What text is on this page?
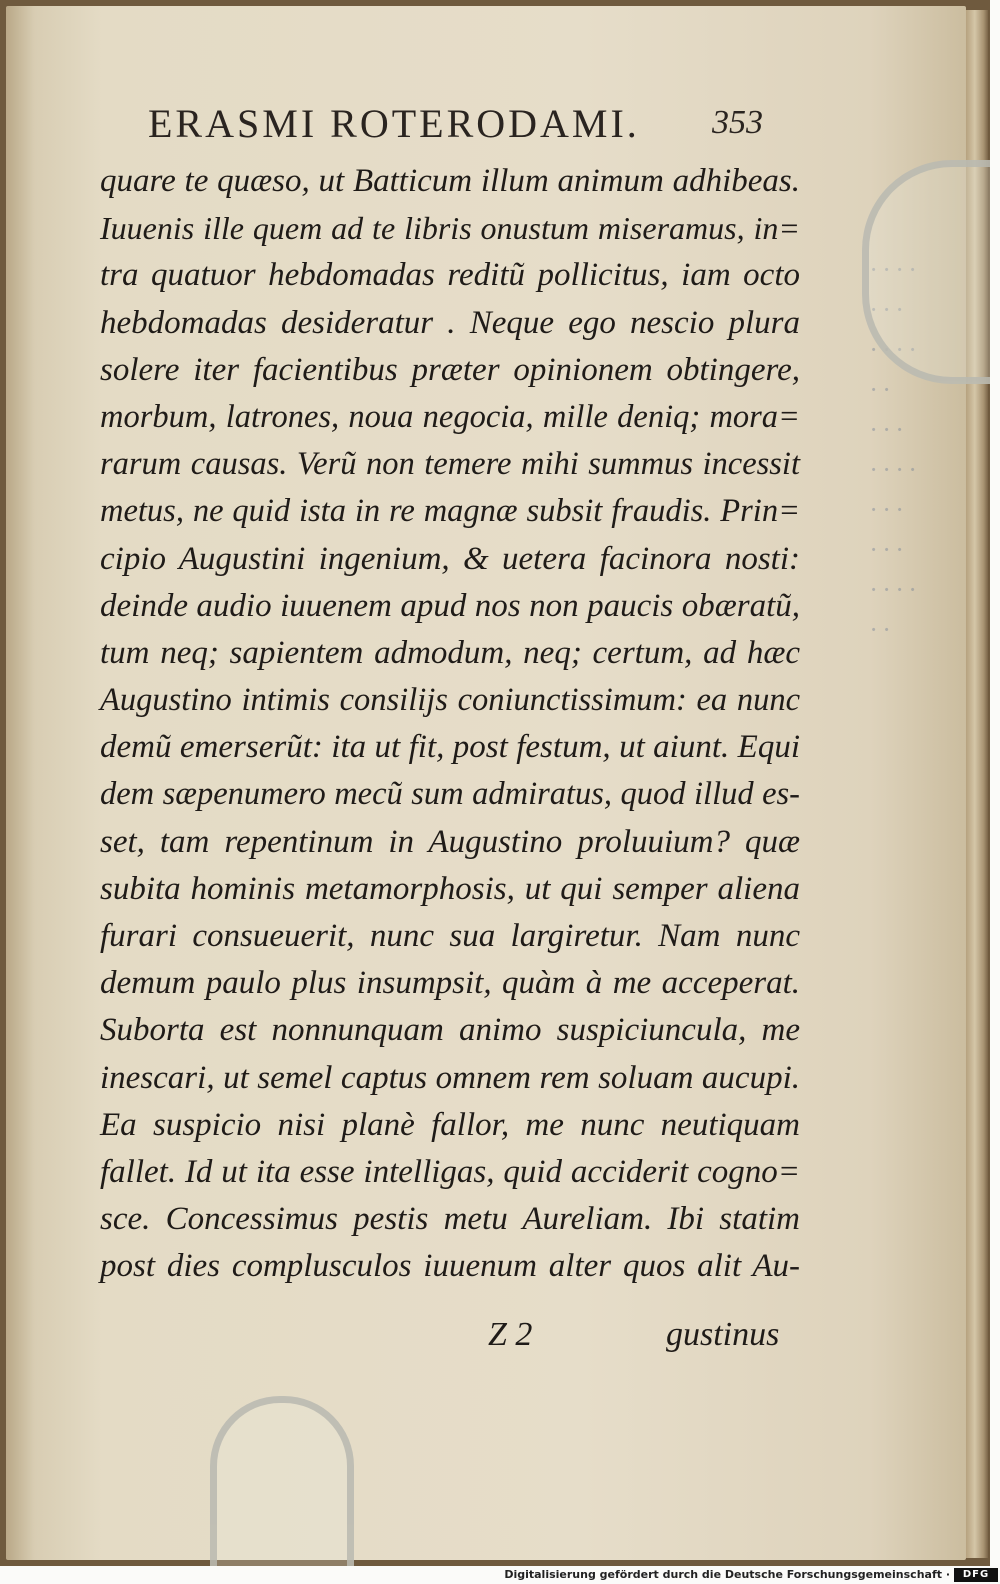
· · · ·
· · ·
· · · ·
· ·
· · ·
· · · ·
· · ·
· · ·
· · · ·
· ·
ERASMI ROTERODAMI.	353
quare te quæso, ut Batticum illum animum adhibeas.
Iuuenis ille quem ad te libris onustum miseramus, in=
tra quatuor hebdomadas reditũ pollicitus, iam octo
hebdomadas desideratur . Neque ego nescio plura
solere iter facientibus præter opinionem obtingere,
morbum, latrones, noua negocia, mille deniq; mora=
rarum causas. Verũ non temere mihi summus incessit
metus, ne quid ista in re magnæ subsit fraudis. Prin=
cipio Augustini ingenium, & uetera facinora nosti:
deinde audio iuuenem apud nos non paucis obæratũ,
tum neq; sapientem admodum, neq; certum, ad hæc
Augustino intimis consilijs coniunctissimum: ea nunc
demũ emerserũt: ita ut fit, post festum, ut aiunt. Equi
dem sæpenumero mecũ sum admiratus, quod illud es-
set, tam repentinum in Augustino proluuium? quæ
subita hominis metamorphosis, ut qui semper aliena
furari consueuerit, nunc sua largiretur. Nam nunc
demum paulo plus insumpsit, quàm à me acceperat.
Suborta est nonnunquam animo suspiciuncula, me
inescari, ut semel captus omnem rem soluam aucupi.
Ea suspicio nisi planè fallor, me nunc neutiquam
fallet. Id ut ita esse intelligas, quid acciderit cogno=
sce. Concessimus pestis metu Aureliam. Ibi statim
post dies complusculos iuuenum alter quos alit Au-
Z 2	gustinus
Digitalisierung gefördert durch die Deutsche Forschungsgemeinschaft ·	DFG
